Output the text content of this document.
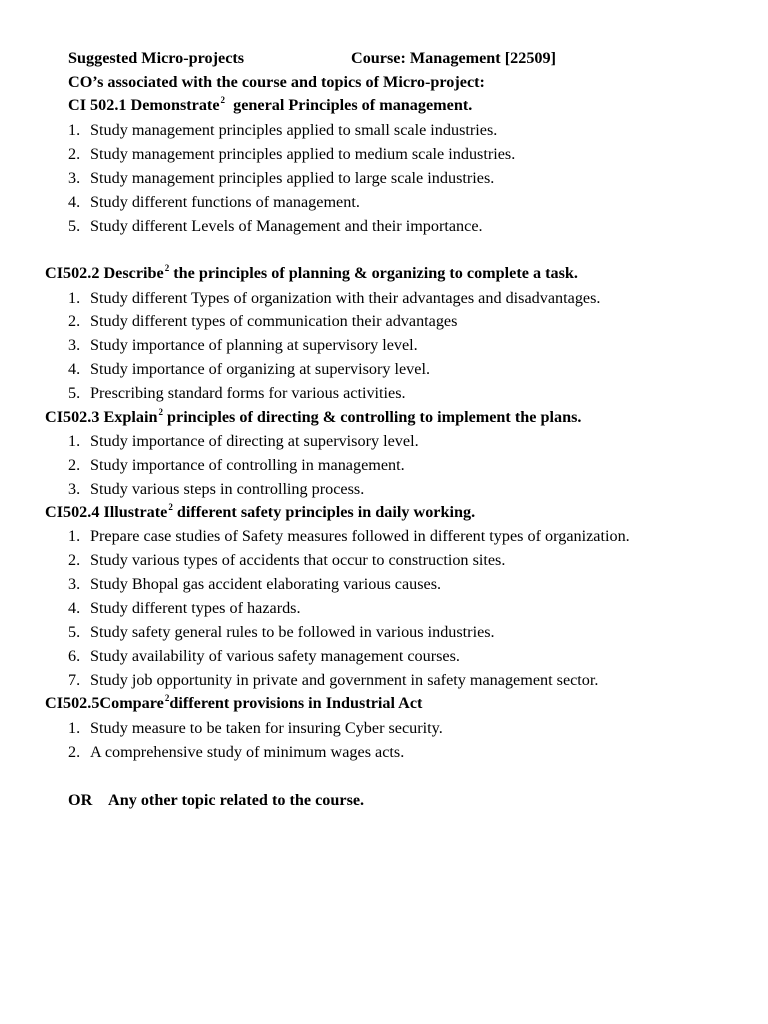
Suggested Micro-projects	Course: Management [22509]
CO’s associated with the course and topics of Micro-project:
CI 502.1 Demonstrate$^2$ general Principles of management.
1. Study management principles applied to small scale industries.
2. Study management principles applied to medium scale industries.
3. Study management principles applied to large scale industries.
4. Study different functions of management.
5. Study different Levels of Management and their importance.
CI502.2 Describe$^2$ the principles of planning & organizing to complete a task.
1. Study different Types of organization with their advantages and disadvantages.
2. Study different types of communication their advantages
3. Study importance of planning at supervisory level.
4. Study importance of organizing at supervisory level.
5. Prescribing standard forms for various activities.
CI502.3 Explain$^2$ principles of directing & controlling to implement the plans.
1. Study importance of directing at supervisory level.
2. Study importance of controlling in management.
3. Study various steps in controlling process.
CI502.4 Illustrate$^2$ different safety principles in daily working.
1. Prepare case studies of Safety measures followed in different types of organization.
2. Study various types of accidents that occur to construction sites.
3. Study Bhopal gas accident elaborating various causes.
4. Study different types of hazards.
5. Study safety general rules to be followed in various industries.
6. Study availability of various safety management courses.
7. Study job opportunity in private and government in safety management sector.
CI502.5Compare$^2$different provisions in Industrial Act
1. Study measure to be taken for insuring Cyber security.
2. A comprehensive study of minimum wages acts.
OR Any other topic related to the course.
